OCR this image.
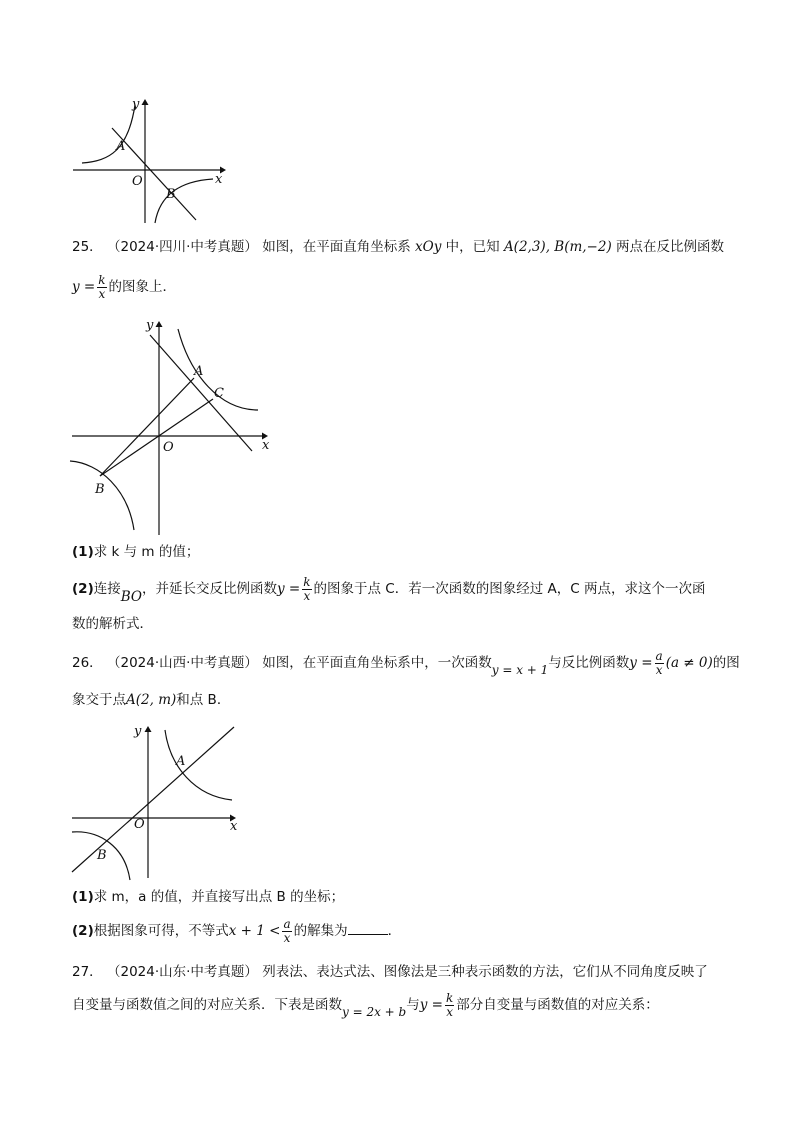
y
x
O
A
B
25． （2024·四川·中考真题） 如图，在平面直角坐标系 xOy 中，已知 A(2,3), B(m,−2) 两点在反比例函数
$y = \frac{k}{x}$ 的图象上．
y
x
O
A
C
B
(1)求 k 与 m 的值；
(2)连接BO，并延长交反比例函数$y = \frac{k}{x}$ 的图象于点 C．若一次函数的图象经过 A，C 两点，求这个一次函
数的解析式．
26． （2024·山西·中考真题） 如图，在平面直角坐标系中，一次函数y = x + 1与反比例函数$y = \frac{a}{x} (a \ne 0)$的图
象交于点A(2, m)和点 B．
y
x
O
A
B
(1)求 m，a 的值，并直接写出点 B 的坐标；
(2)根据图象可得，不等式$x + 1 < \frac{a}{x}$ 的解集为	．
27． （2024·山东·中考真题） 列表法、表达式法、图像法是三种表示函数的方法，它们从不同角度反映了
自变量与函数值之间的对应关系．下表是函数y = 2x + b与$y = \frac{k}{x}$ 部分自变量与函数值的对应关系：
